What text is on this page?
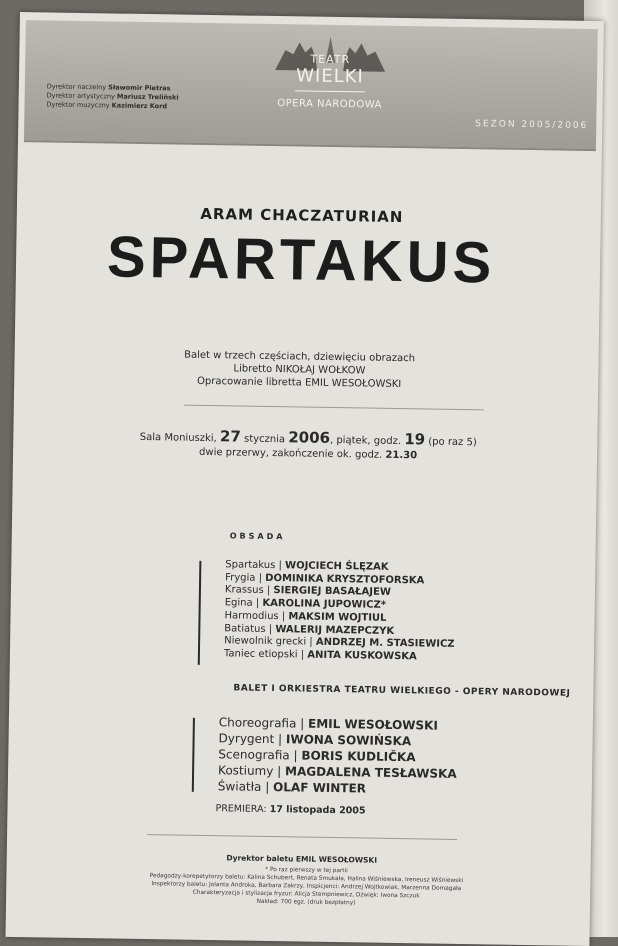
TEATR
WIELKI
OPERA NARODOWA
Dyrektor naczelny Sławomir Pietras
Dyrektor artystyczny Mariusz Treliński
Dyrektor muzyczny Kazimierz Kord
SEZON 2005/2006
ARAM CHACZATURIAN
SPARTAKUS
Balet w trzech częściach, dziewięciu obrazach
Libretto NIKOŁAJ WOŁKOW
Opracowanie libretta EMIL WESOŁOWSKI
Sala Moniuszki, 27 stycznia 2006, piątek, godz. 19 (po raz 5)
dwie przerwy, zakończenie ok. godz. 21.30
OBSADA
Spartakus | WOJCIECH ŚLĘZAK
Frygia | DOMINIKA KRYSZTOFORSKA
Krassus | SIERGIEJ BASAŁAJEW
Egina | KAROLINA JUPOWICZ*
Harmodius | MAKSIM WOJTIUL
Batiatus | WALERIJ MAZEPCZYK
Niewolnik grecki | ANDRZEJ M. STASIEWICZ
Taniec etiopski | ANITA KUSKOWSKA
BALET I ORKIESTRA TEATRU WIELKIEGO - OPERY NARODOWEJ
Choreografia | EMIL WESOŁOWSKI
Dyrygent | IWONA SOWIŃSKA
Scenografia | BORIS KUDLIČKA
Kostiumy | MAGDALENA TESŁAWSKA
Światła | OLAF WINTER
PREMIERA: 17 listopada 2005
Dyrektor baletu EMIL WESOŁOWSKI
* Po raz pierwszy w tej partii
Pedagodzy-korepetytorzy baletu: Kalina Schubert, Renata Smukała, Halina Wiśniewska, Ireneusz Wiśniewski
Inspektorzy baletu: Jolanta Androka, Barbara Zakrzy, Inspicjenci: Andrzej Wojtkowiak, Marzenna Domagała
Charakteryzacja i stylizacja fryzur: Alicja Stempniewicz, Dźwięk: Iwona Szczuk
Nakład: 700 egz. (druk bezpłatny)
